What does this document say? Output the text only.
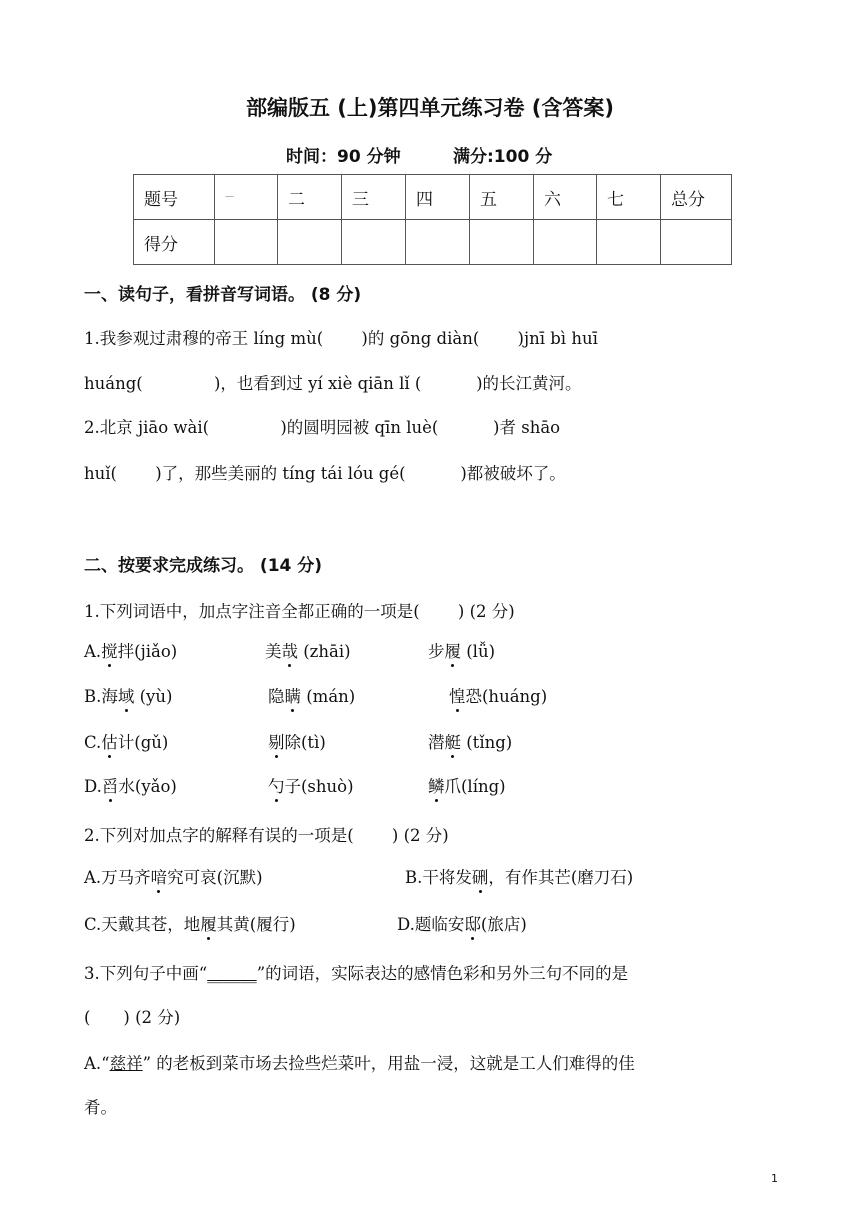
部编版五 (上)第四单元练习卷 (含答案)
时间：90 分钟	满分:100 分
题号	—	二	三	四	五	六	七	总分
得分								
一、读句子，看拼音写词语。 (8 分)
1.我参观过肃穆的帝王 líng mù(　　 )的 gōng diàn(　　 )jnī bì huī
huáng(　　　　 )，也看到过 yí xiè qiān lǐ (　　　 )的长江黄河。
2.北京 jiāo wài(　　　　 )的圆明园被 qīn luè(　　　 )者 shāo
huǐ(　　 )了，那些美丽的 tíng tái lóu gé(　　　 )都被破坏了。
二、按要求完成练习。 (14 分)
1.下列词语中，加点字注音全都正确的一项是(　　 ) (2 分)
A.搅拌(jiǎo)	美哉 (zhāi)	步履 (lǚ)
B.海域 (yù)	隐瞒 (mán)	惶恐(huáng)
C.估计(gǔ)	剔除(tì)	潜艇 (tǐng)
D.舀水(yǎo)	勺子(shuò)	鳞爪(líng)
2.下列对加点字的解释有误的一项是(　　 ) (2 分)
A.万马齐喑究可哀(沉默)	B.干将发硎，有作其芒(磨刀石)
C.天戴其苍，地履其黄(履行)	D.题临安邸(旅店)
3.下列句子中画“______”的词语，实际表达的感情色彩和另外三句不同的是
(　　) (2 分)
A.“慈祥” 的老板到菜市场去捡些烂菜叶，用盐一浸，这就是工人们难得的佳
肴。
1
